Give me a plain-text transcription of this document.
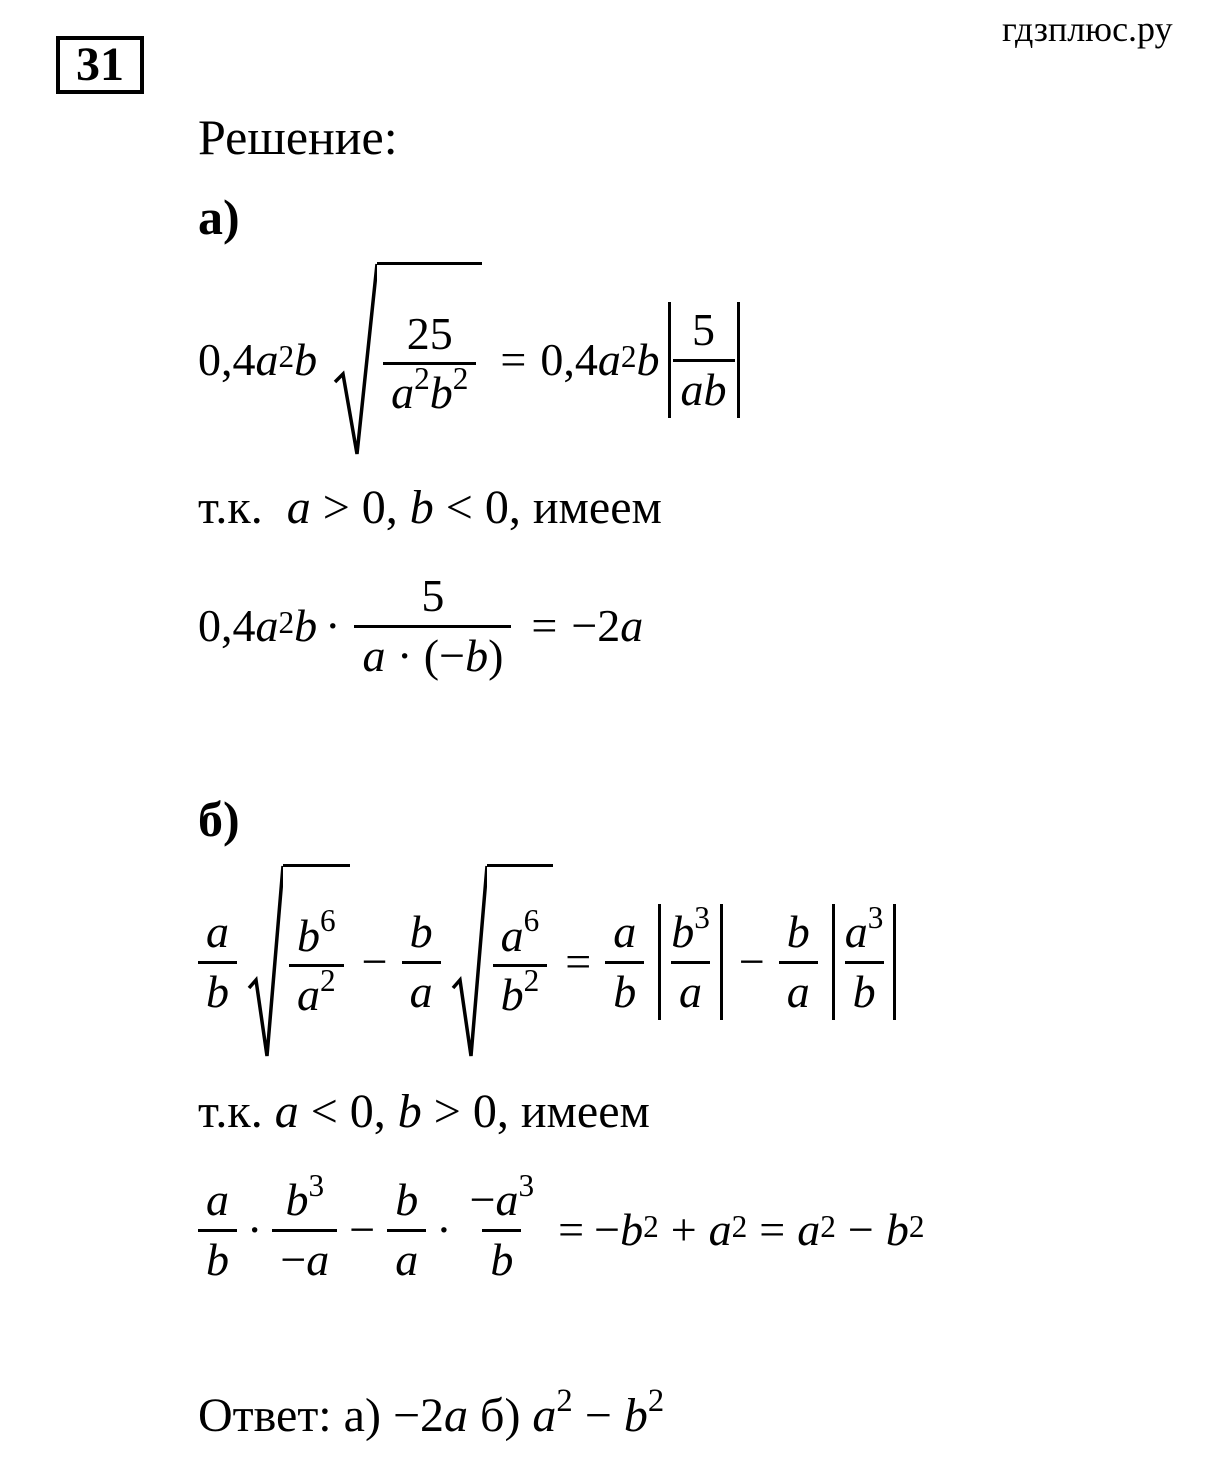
гдзплюс.ру
31
Решение:
а)
0,4 $a^2$ b $\frac{25}{a^2b^2} = 0,4$ $a^2$ b $\frac{5}{ab}$
т.к. a > 0, b < 0, имеем
0,4 $a^2$ $b \cdot \frac{5}{a \cdot (-b)} = -2$ a
б)
$\frac{a}{b} \frac{b^6}{a^2} - \frac{b}{a} \frac{a^6}{b^2} = \frac{a}{b} \frac{b^3}{a} - \frac{b}{a} \frac{a^3}{b}$
т.к. a < 0, b > 0, имеем
$\frac{a}{b} \cdot \frac{b^3}{-a} - \frac{b}{a} \cdot \frac{-a^3}{b}$ = − $b^2 + a^2 = a^2 - b^2$
Ответ: а) −2a б) $a^2 - b^2$
